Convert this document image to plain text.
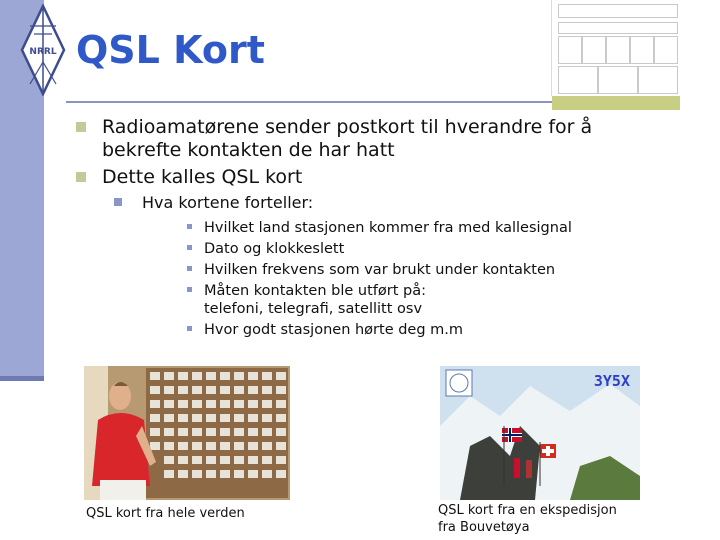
NRRL QSL Kort
Radioamatørene sender postkort til hverandre for å bekrefte kontakten de har hatt
Dette kalles QSL kort
Hva kortene forteller:
Hvilket land stasjonen kommer fra med kallesignal
Dato og klokkeslett
Hvilken frekvens som var brukt under kontakten
Måten kontakten ble utført på:
telefoni, telegrafi, satellitt osv
Hvor godt stasjonen hørte deg m.m
3Y5X
QSL kort fra hele verden	QSL kort fra en ekspedisjon
fra Bouvetøya
